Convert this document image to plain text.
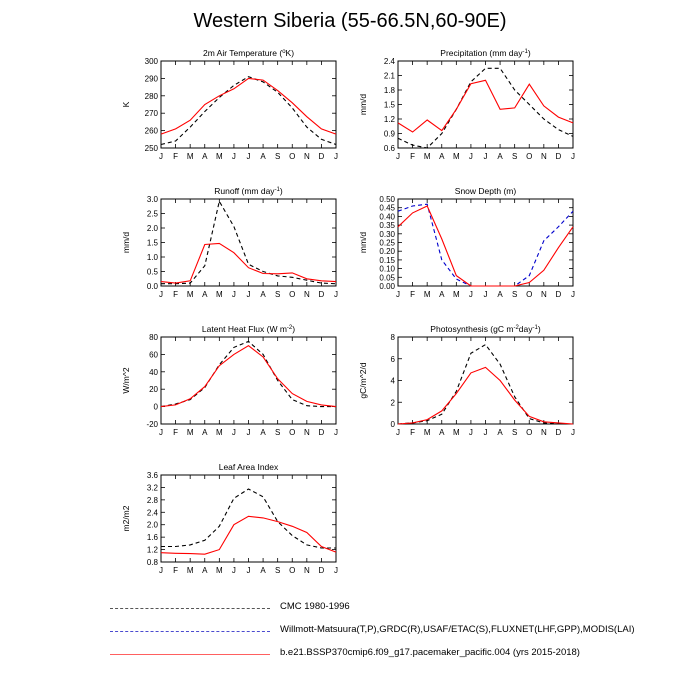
Western Siberia (55-66.5N,60-90E)
2m Air Temperature ($^o$K)
K
250
260
270
280
290
300
J F M A M J J A S O N D J
Precipitation (mm day$^{-1}$)
mm/d
0.6
0.9
1.2
1.5
1.8
2.1
2.4
J F M A M J J A S O N D J
Runoff (mm day$^{-1}$)
mm/d
0.0
0.5
1.0
1.5
2.0
2.5
3.0
J F M A M J J A S O N D J
Snow Depth (m)
mm/d
0.00
0.05
0.10
0.15
0.20
0.25
0.30
0.35
0.40
0.45
0.50
J F M A M J J A S O N D J
Latent Heat Flux (W $m^{-2}$)
W/m^2
-20
0
20
40
60
80
J F M A M J J A S O N D J
Photosynthesis (gC $m^{-2}day^{-1}$)
gC/m^2/d
0
2
4
6
8
J F M A M J J A S O N D J
Leaf Area Index
m2/m2
0.8
1.2
1.6
2.0
2.4
2.8
3.2
3.6
J F M A M J J A S O N D J
CMC 1980-1996
Willmott-Matsuura(T,P),GRDC(R),USAF/ETAC(S),FLUXNET(LHF,GPP),MODIS(LAI)
b.e21.BSSP370cmip6.f09_g17.pacemaker_pacific.004 (yrs 2015-2018)
